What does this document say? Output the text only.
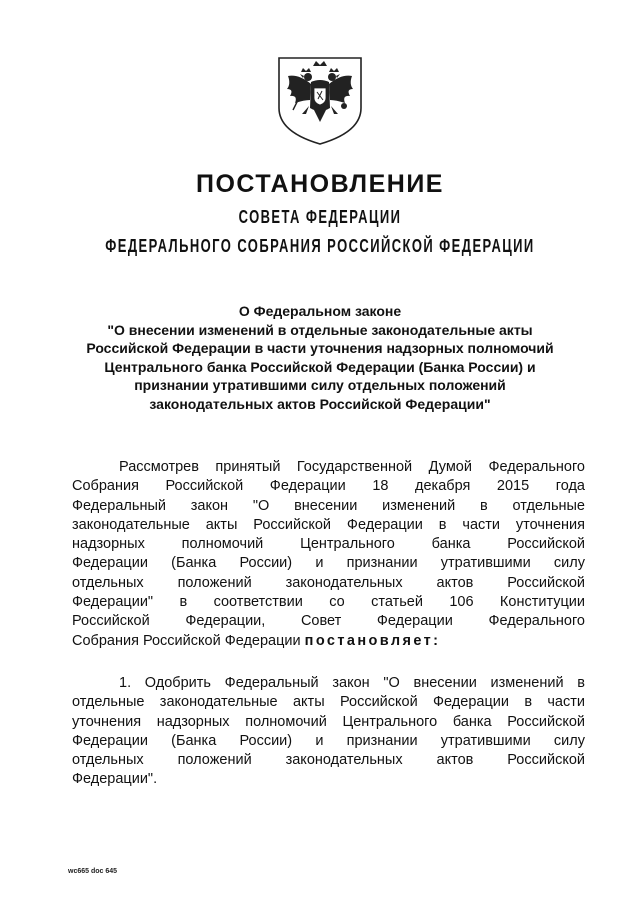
ПОСТАНОВЛЕНИЕ
СОВЕТА ФЕДЕРАЦИИ
ФЕДЕРАЛЬНОГО СОБРАНИЯ РОССИЙСКОЙ ФЕДЕРАЦИИ
О Федеральном законе
"О внесении изменений в отдельные законодательные акты
Российской Федерации в части уточнения надзорных полномочий
Центрального банка Российской Федерации (Банка России) и
признании утратившими силу отдельных положений
законодательных актов Российской Федерации"
Рассмотрев принятый Государственной Думой Федерального
Собрания Российской Федерации 18 декабря 2015 года
Федеральный закон "О внесении изменений в отдельные
законодательные акты Российской Федерации в части уточнения
надзорных полномочий Центрального банка Российской
Федерации (Банка России) и признании утратившими силу
отдельных положений законодательных актов Российской
Федерации" в соответствии со статьей 106 Конституции
Российской Федерации, Совет Федерации Федерального
Собрания Российской Федерации постановляет:
1. Одобрить Федеральный закон "О внесении изменений в
отдельные законодательные акты Российской Федерации в части
уточнения надзорных полномочий Центрального банка Российской
Федерации (Банка России) и признании утратившими силу
отдельных положений законодательных актов Российской
Федерации".
wc665 doc 645
